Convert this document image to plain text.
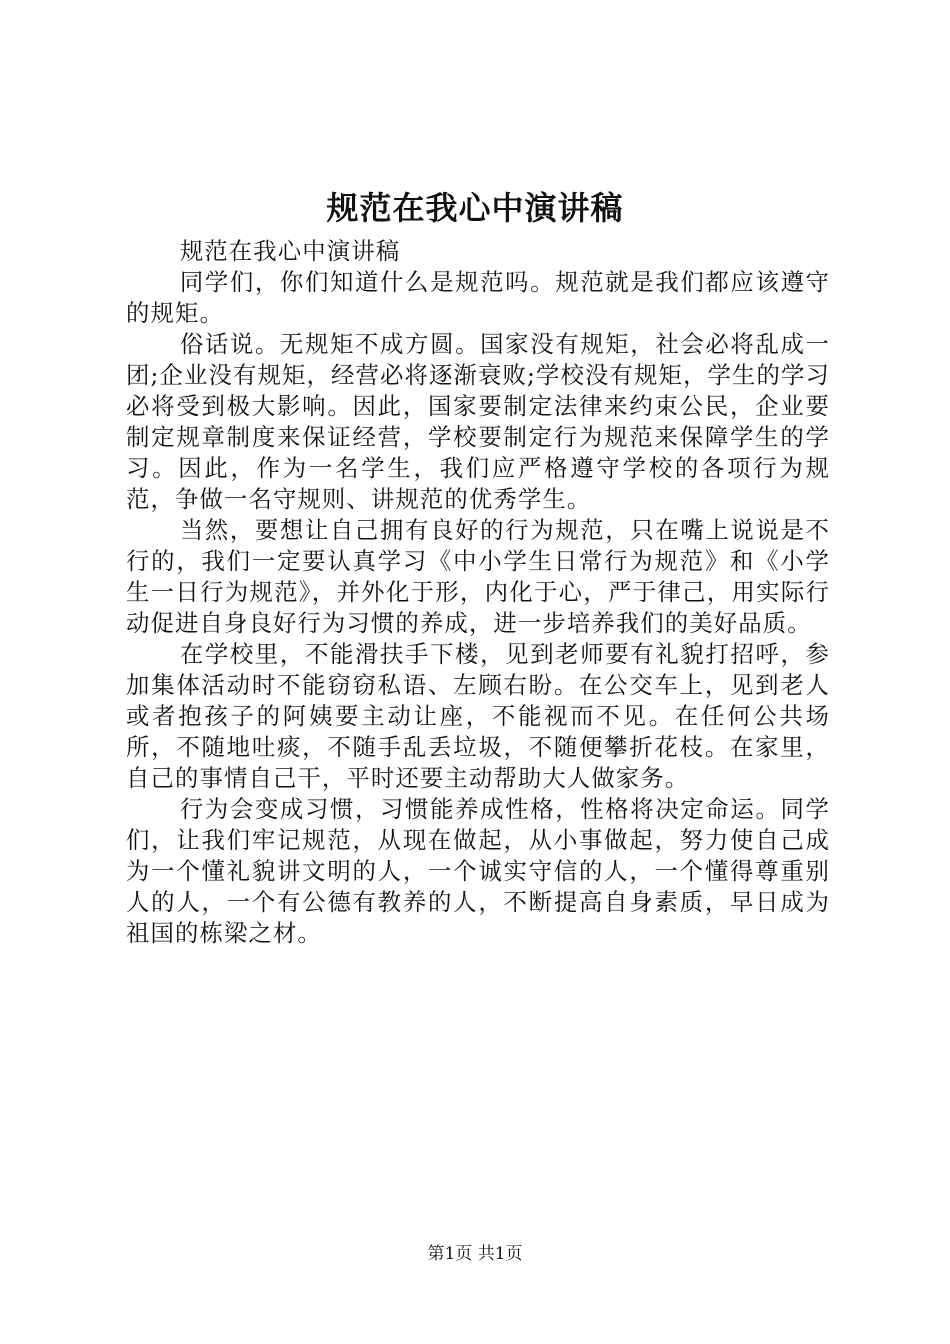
规范在我心中演讲稿

规范在我心中演讲稿

同学们，你们知道什么是规范吗。规范就是我们都应该遵守的规矩。

俗话说。无规矩不成方圆。国家没有规矩，社会必将乱成一团;企业没有规矩，经营必将逐渐衰败;学校没有规矩，学生的学习必将受到极大影响。因此，国家要制定法律来约束公民，企业要制定规章制度来保证经营，学校要制定行为规范来保障学生的学习。因此，作为一名学生，我们应严格遵守学校的各项行为规范，争做一名守规则、讲规范的优秀学生。

当然，要想让自己拥有良好的行为规范，只在嘴上说说是不行的，我们一定要认真学习《中小学生日常行为规范》和《小学生一日行为规范》，并外化于形，内化于心，严于律己，用实际行动促进自身良好行为习惯的养成，进一步培养我们的美好品质。

在学校里，不能滑扶手下楼，见到老师要有礼貌打招呼，参加集体活动时不能窃窃私语、左顾右盼。在公交车上，见到老人或者抱孩子的阿姨要主动让座，不能视而不见。在任何公共场所，不随地吐痰，不随手乱丢垃圾，不随便攀折花枝。在家里，自己的事情自己干，平时还要主动帮助大人做家务。

行为会变成习惯，习惯能养成性格，性格将决定命运。同学们，让我们牢记规范，从现在做起，从小事做起，努力使自己成为一个懂礼貌讲文明的人，一个诚实守信的人，一个懂得尊重别人的人，一个有公德有教养的人，不断提高自身素质，早日成为祖国的栋梁之材。

第1页 共1页
